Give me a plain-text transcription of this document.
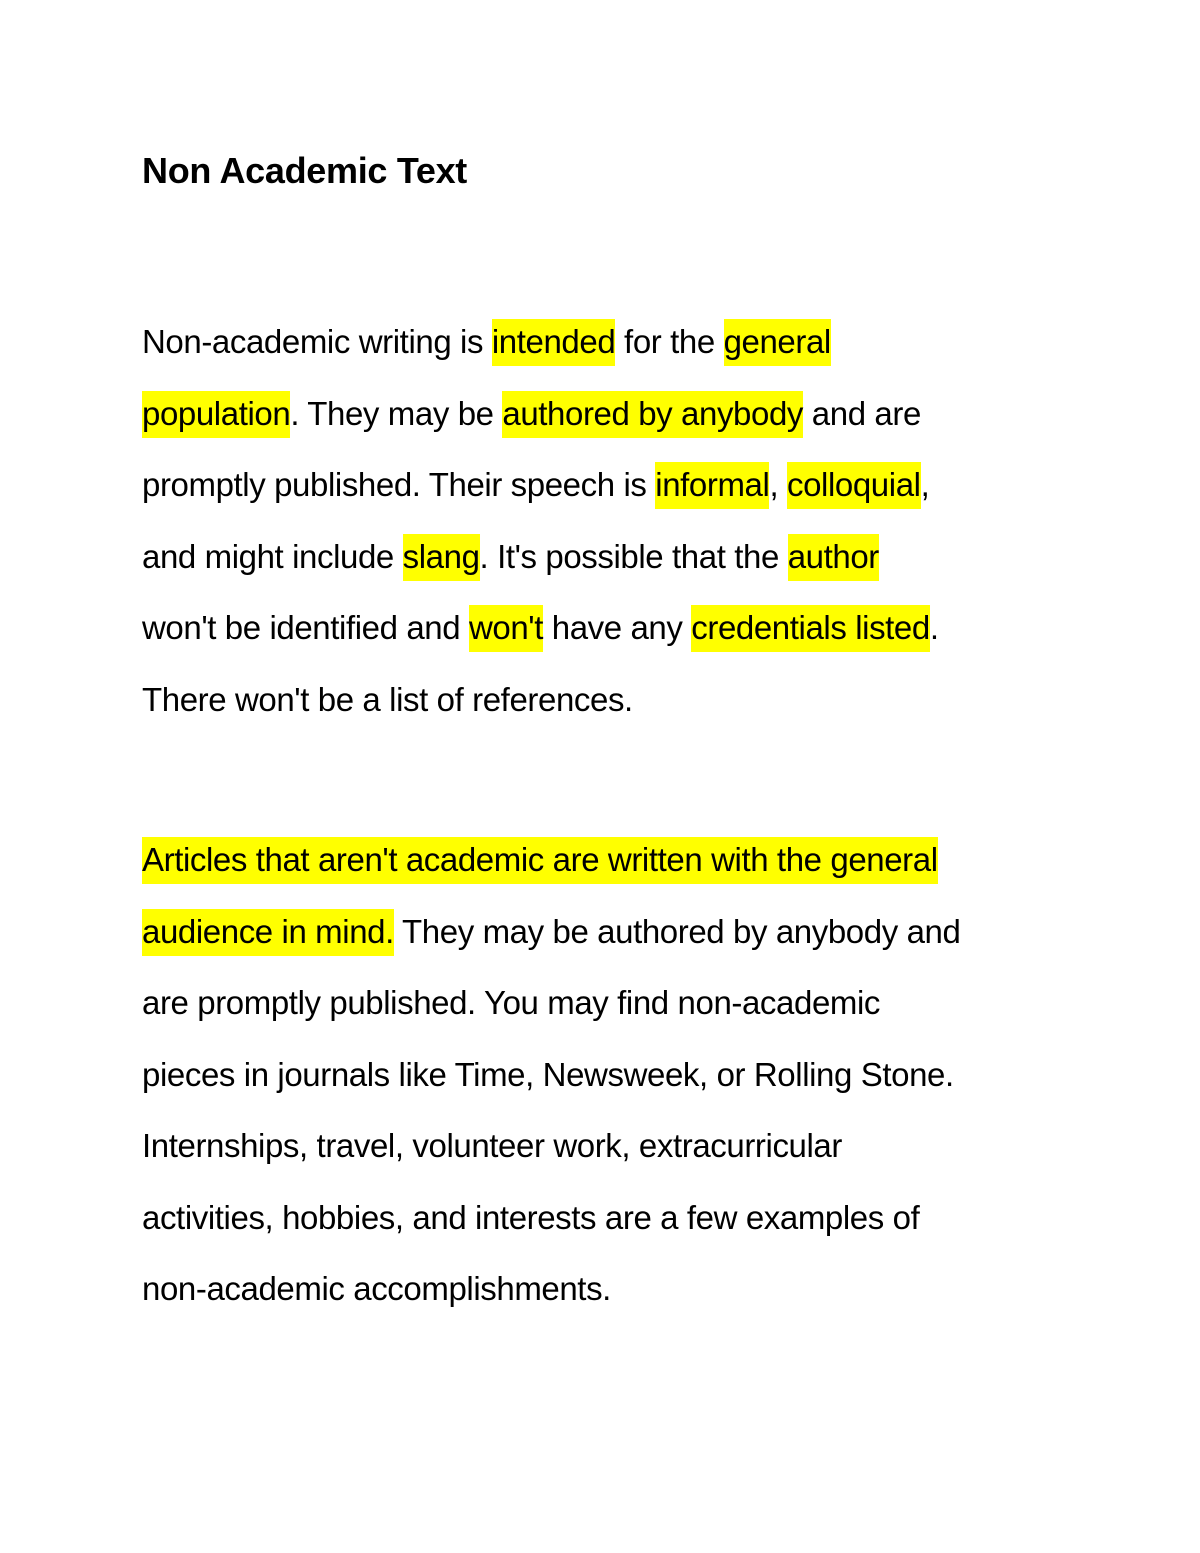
Non Academic Text

Non-academic writing is intended for the general
population. They may be authored by anybody and are
promptly published. Their speech is informal, colloquial,
and might include slang. It's possible that the author
won't be identified and won't have any credentials listed.
There won't be a list of references.

Articles that aren't academic are written with the general
audience in mind. They may be authored by anybody and
are promptly published. You may find non-academic
pieces in journals like Time, Newsweek, or Rolling Stone.
Internships, travel, volunteer work, extracurricular
activities, hobbies, and interests are a few examples of
non-academic accomplishments.
